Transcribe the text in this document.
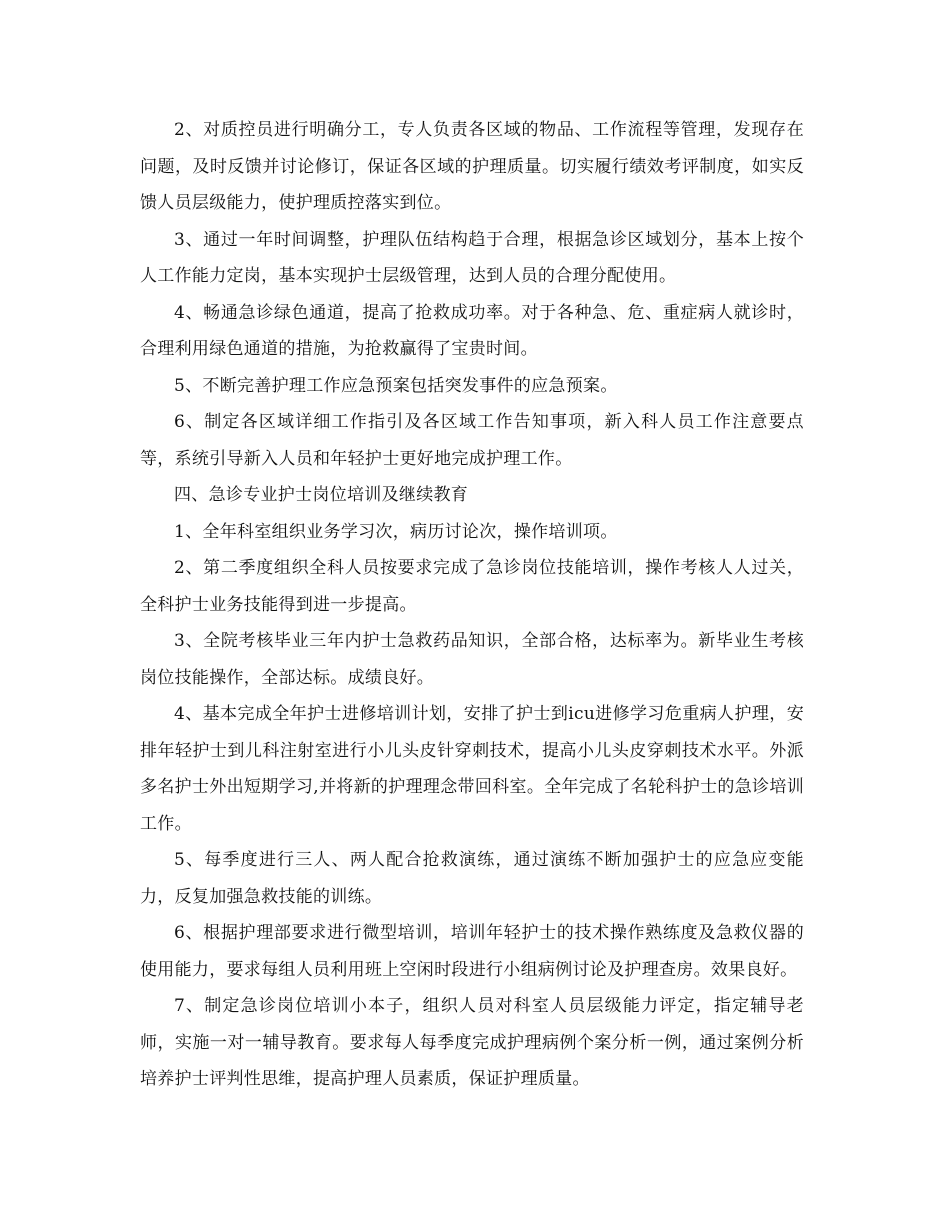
2、对质控员进行明确分工，专人负责各区域的物品、工作流程等管理，发现存在问题，及时反馈并讨论修订，保证各区域的护理质量。切实履行绩效考评制度，如实反馈人员层级能力，使护理质控落实到位。

3、通过一年时间调整，护理队伍结构趋于合理，根据急诊区域划分，基本上按个人工作能力定岗，基本实现护士层级管理，达到人员的合理分配使用。

4、畅通急诊绿色通道，提高了抢救成功率。对于各种急、危、重症病人就诊时，合理利用绿色通道的措施，为抢救赢得了宝贵时间。

5、不断完善护理工作应急预案包括突发事件的应急预案。

6、制定各区域详细工作指引及各区域工作告知事项，新入科人员工作注意要点等，系统引导新入人员和年轻护士更好地完成护理工作。

四、急诊专业护士岗位培训及继续教育

1、全年科室组织业务学习次，病历讨论次，操作培训项。

2、第二季度组织全科人员按要求完成了急诊岗位技能培训，操作考核人人过关，全科护士业务技能得到进一步提高。

3、全院考核毕业三年内护士急救药品知识，全部合格，达标率为。新毕业生考核岗位技能操作，全部达标。成绩良好。

4、基本完成全年护士进修培训计划，安排了护士到icu进修学习危重病人护理，安排年轻护士到儿科注射室进行小儿头皮针穿刺技术，提高小儿头皮穿刺技术水平。外派多名护士外出短期学习,并将新的护理理念带回科室。全年完成了名轮科护士的急诊培训工作。

5、每季度进行三人、两人配合抢救演练，通过演练不断加强护士的应急应变能力，反复加强急救技能的训练。

6、根据护理部要求进行微型培训，培训年轻护士的技术操作熟练度及急救仪器的使用能力，要求每组人员利用班上空闲时段进行小组病例讨论及护理查房。效果良好。

7、制定急诊岗位培训小本子，组织人员对科室人员层级能力评定，指定辅导老师，实施一对一辅导教育。要求每人每季度完成护理病例个案分析一例，通过案例分析培养护士评判性思维，提高护理人员素质，保证护理质量。
